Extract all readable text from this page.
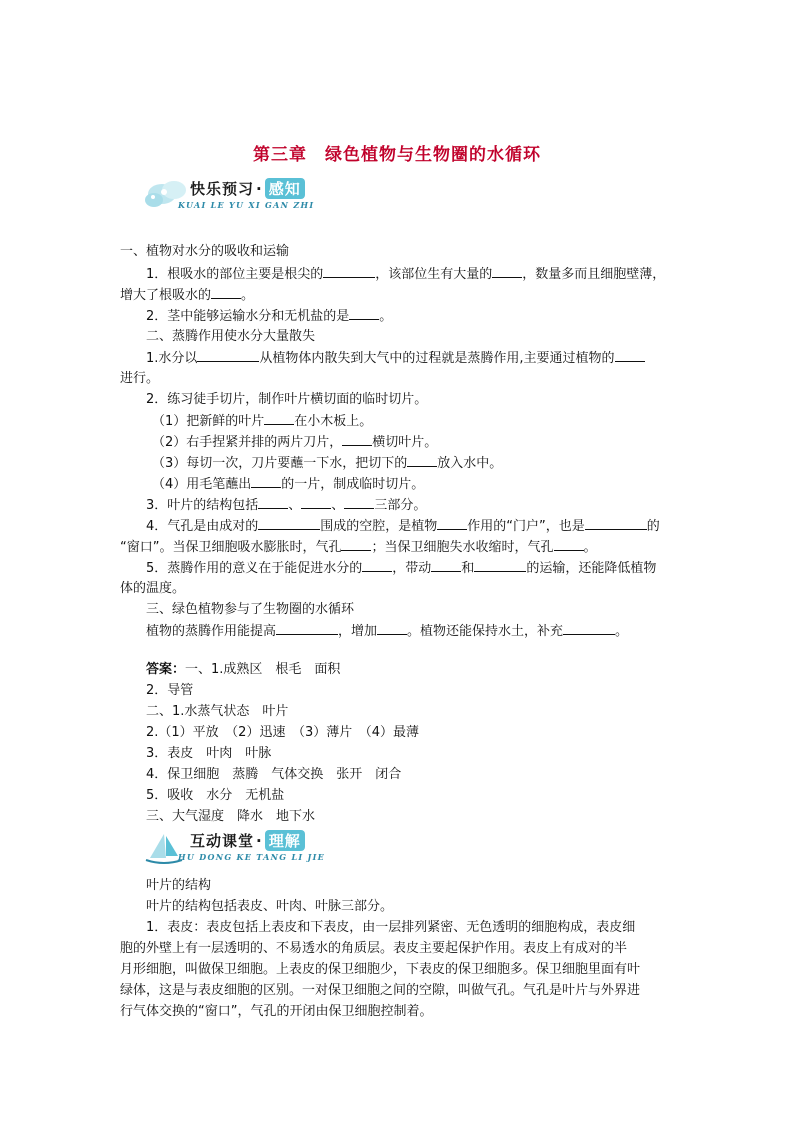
第三章　绿色植物与生物圈的水循环
快乐预习 · 感知
KUAI LE YU XI GAN ZHI
一、植物对水分的吸收和运输
1．根吸水的部位主要是根尖的	，该部位生有大量的 ，数量多而且细胞壁薄，
增大了根吸水的 。
2．茎中能够运输水分和无机盐的是 。
二、蒸腾作用使水分大量散失
1.水分以	从植物体内散失到大气中的过程就是蒸腾作用,主要通过植物的
进行。
2．练习徒手切片，制作叶片横切面的临时切片。
（1）把新鲜的叶片 在小木板上。
（2）右手捏紧并排的两片刀片， 横切叶片。
（3）每切一次，刀片要蘸一下水，把切下的 放入水中。
（4）用毛笔蘸出 的一片，制成临时切片。
3．叶片的结构包括 、 、 三部分。
4．气孔是由成对的	围成的空腔，是植物 作用的“门户”，也是	的
“窗口”。当保卫细胞吸水膨胀时，气孔 ；当保卫细胞失水收缩时，气孔 。
5．蒸腾作用的意义在于能促进水分的 ，带动 和	的运输，还能降低植物
体的温度。
三、绿色植物参与了生物圈的水循环
植物的蒸腾作用能提高	，增加 。植物还能保持水土，补充	。
答案：一、1.成熟区　根毛　面积
2．导管
二、1.水蒸气状态　叶片
2.（1）平放　（2）迅速　（3）薄片　（4）最薄
3．表皮　叶肉　叶脉
4．保卫细胞　蒸腾　气体交换　张开　闭合
5．吸收　水分　无机盐
三、大气湿度　降水　地下水
互动课堂 · 理解
HU DONG KE TANG LI JIE
叶片的结构
叶片的结构包括表皮、叶肉、叶脉三部分。
1．表皮：表皮包括上表皮和下表皮，由一层排列紧密、无色透明的细胞构成，表皮细
胞的外壁上有一层透明的、不易透水的角质层。表皮主要起保护作用。表皮上有成对的半
月形细胞，叫做保卫细胞。上表皮的保卫细胞少，下表皮的保卫细胞多。保卫细胞里面有叶
绿体，这是与表皮细胞的区别。一对保卫细胞之间的空隙，叫做气孔。气孔是叶片与外界进
行气体交换的“窗口”，气孔的开闭由保卫细胞控制着。
